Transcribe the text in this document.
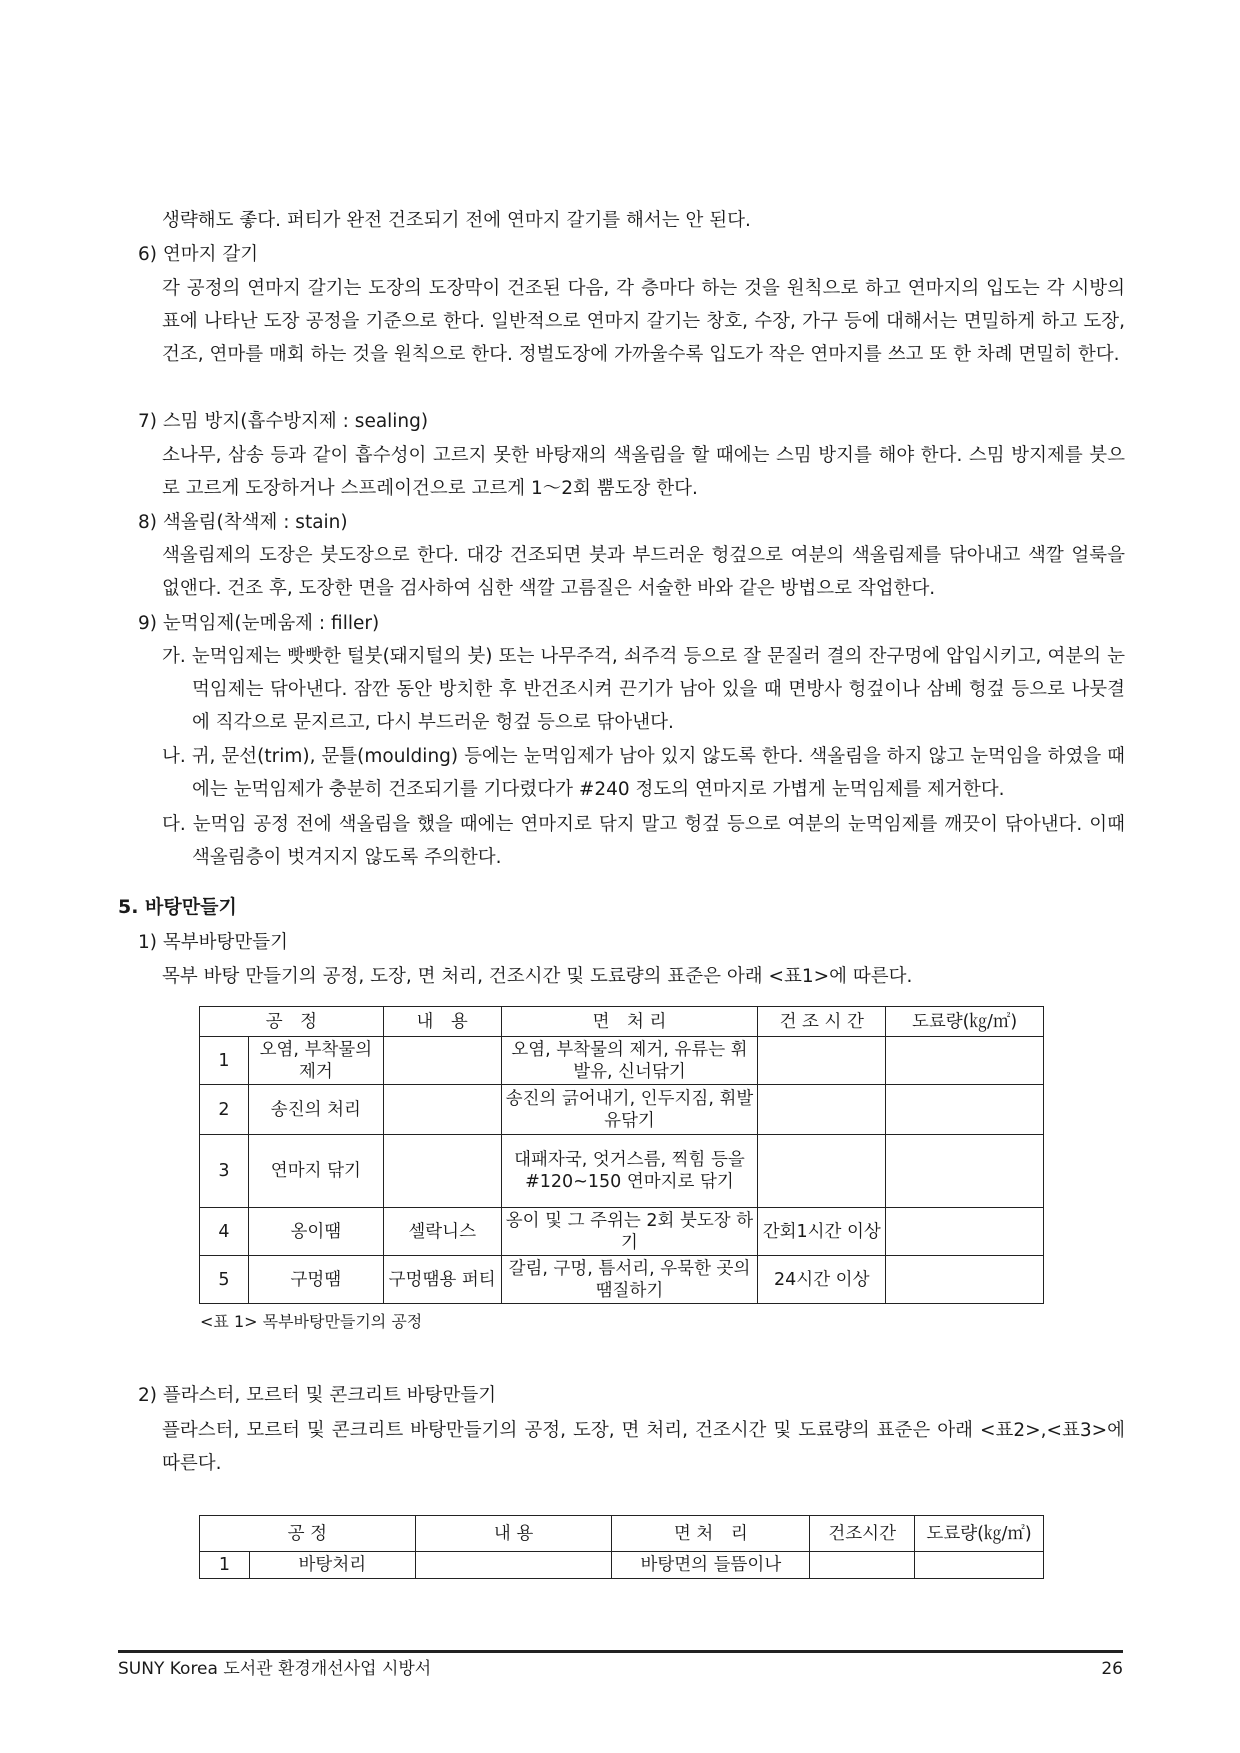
생략해도 좋다. 퍼티가 완전 건조되기 전에 연마지 갈기를 해서는 안 된다.
6) 연마지 갈기
각 공정의 연마지 갈기는 도장의 도장막이 건조된 다음, 각 층마다 하는 것을 원칙으로 하고 연마지의 입도는 각 시방의 표에 나타난 도장 공정을 기준으로 한다. 일반적으로 연마지 갈기는 창호, 수장, 가구 등에 대해서는 면밀하게 하고 도장, 건조, 연마를 매회 하는 것을 원칙으로 한다. 정벌도장에 가까울수록 입도가 작은 연마지를 쓰고 또 한 차례 면밀히 한다.
7) 스밈 방지(흡수방지제 : sealing)
소나무, 삼송 등과 같이 흡수성이 고르지 못한 바탕재의 색올림을 할 때에는 스밈 방지를 해야 한다. 스밈 방지제를 붓으로 고르게 도장하거나 스프레이건으로 고르게 1～2회 뿜도장 한다.
8) 색올림(착색제 : stain)
색올림제의 도장은 붓도장으로 한다. 대강 건조되면 붓과 부드러운 헝겊으로 여분의 색올림제를 닦아내고 색깔 얼룩을 없앤다. 건조 후, 도장한 면을 검사하여 심한 색깔 고름질은 서술한 바와 같은 방법으로 작업한다.
9) 눈먹임제(눈메움제 : filler)
가. 눈먹임제는 빳빳한 털붓(돼지털의 붓) 또는 나무주걱, 쇠주걱 등으로 잘 문질러 결의 잔구멍에 압입시키고, 여분의 눈먹임제는 닦아낸다. 잠깐 동안 방치한 후 반건조시켜 끈기가 남아 있을 때 면방사 헝겊이나 삼베 헝겊 등으로 나뭇결에 직각으로 문지르고, 다시 부드러운 헝겊 등으로 닦아낸다.
나. 귀, 문선(trim), 문틀(moulding) 등에는 눈먹임제가 남아 있지 않도록 한다. 색올림을 하지 않고 눈먹임을 하였을 때에는 눈먹임제가 충분히 건조되기를 기다렸다가 #240 정도의 연마지로 가볍게 눈먹임제를 제거한다.
다. 눈먹임 공정 전에 색올림을 했을 때에는 연마지로 닦지 말고 헝겊 등으로 여분의 눈먹임제를 깨끗이 닦아낸다. 이때 색올림층이 벗겨지지 않도록 주의한다.
5. 바탕만들기
1) 목부바탕만들기
목부 바탕 만들기의 공정, 도장, 면 처리, 건조시간 및 도료량의 표준은 아래 <표1>에 따른다.
공　정		내　용	면　처 리	건 조 시 간	도료량(㎏/㎡)
1	오염, 부착물의 제거		오염, 부착물의 제거, 유류는 휘발유, 신너닦기		
2	송진의 처리		송진의 긁어내기, 인두지짐, 휘발유닦기		
3	연마지 닦기		대패자국, 엇거스름, 찍힘 등을 #120~150 연마지로 닦기		
4	옹이땜	셀락니스	옹이 및 그 주위는 2회 붓도장 하기	간회1시간 이상	
5	구멍땜	구멍땜용 퍼티	갈림, 구멍, 틈서리, 우묵한 곳의 땜질하기	24시간 이상	
<표 1> 목부바탕만들기의 공정
2) 플라스터, 모르터 및 콘크리트 바탕만들기
플라스터, 모르터 및 콘크리트 바탕만들기의 공정, 도장, 면 처리, 건조시간 및 도료량의 표준은 아래 <표2>,<표3>에 따른다.
공 정		내 용	면 처　리	건조시간	도료량(㎏/㎡)
1	바탕처리		바탕면의 들뜸이나		
SUNY Korea 도서관 환경개선사업 시방서	26
